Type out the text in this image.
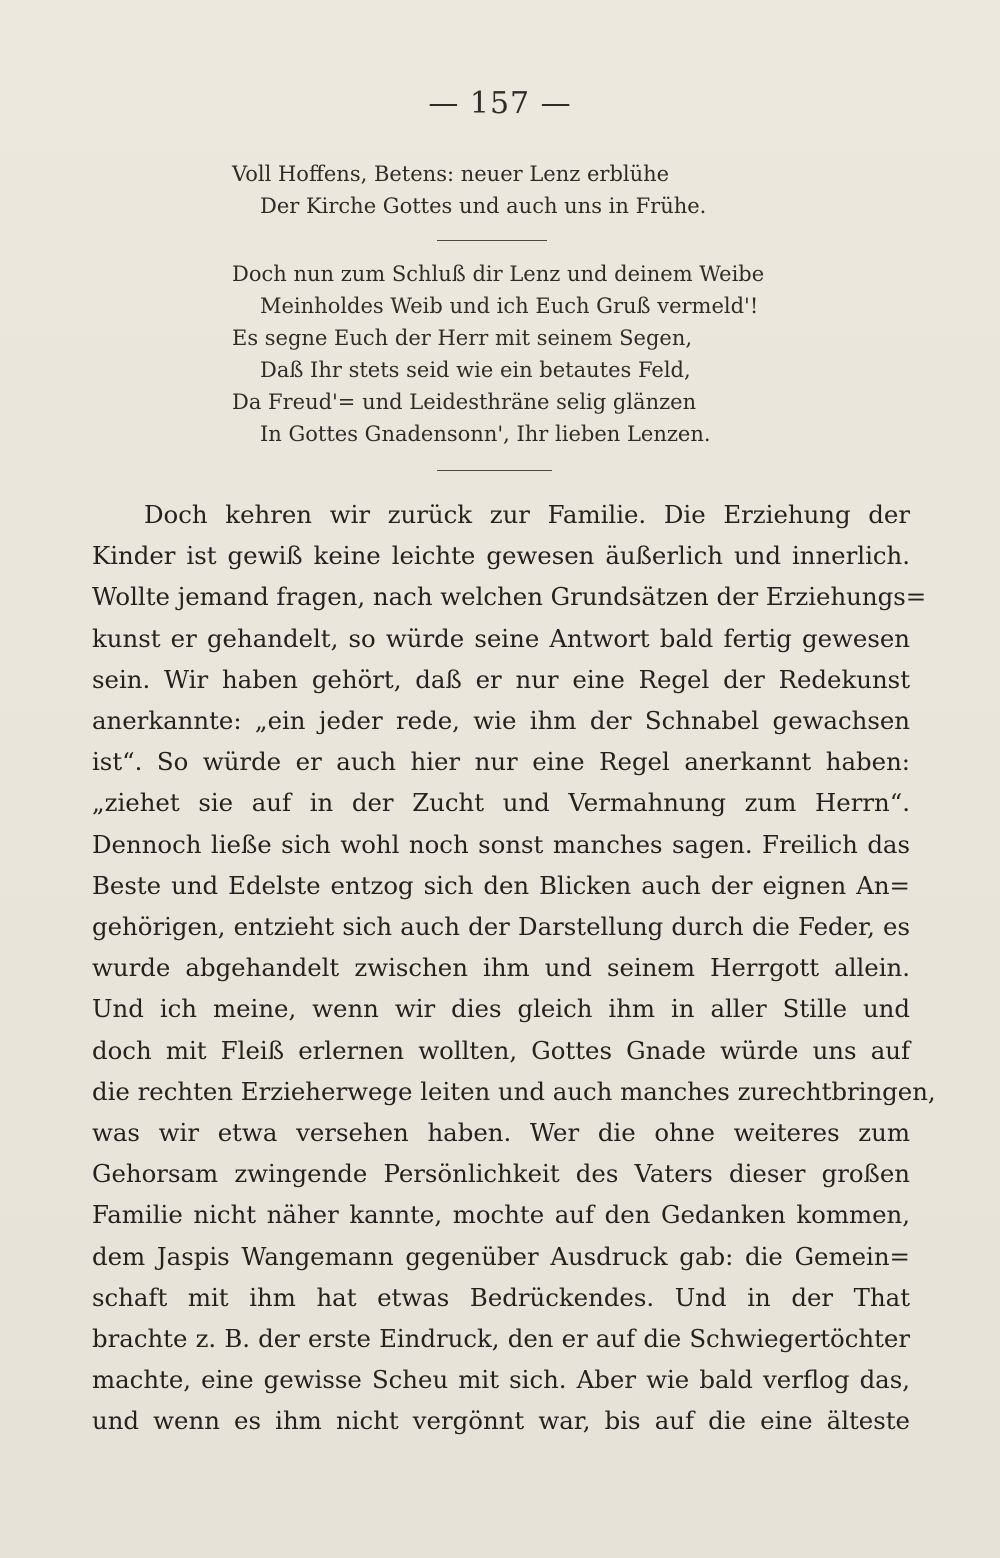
— 157 —
Voll Hoffens, Betens: neuer Lenz erblühe
Der Kirche Gottes und auch uns in Frühe.
Doch nun zum Schluß dir Lenz und deinem Weibe
Meinholdes Weib und ich Euch Gruß vermeld'!
Es segne Euch der Herr mit seinem Segen,
Daß Ihr stets seid wie ein betautes Feld,
Da Freud'= und Leidesthräne selig glänzen
In Gottes Gnadensonn', Ihr lieben Lenzen.
Doch kehren wir zurück zur Familie. Die Erziehung der
Kinder ist gewiß keine leichte gewesen äußerlich und innerlich.
Wollte jemand fragen, nach welchen Grundsätzen der Erziehungs=
kunst er gehandelt, so würde seine Antwort bald fertig gewesen
sein. Wir haben gehört, daß er nur eine Regel der Redekunst
anerkannte: „ein jeder rede, wie ihm der Schnabel gewachsen
ist“. So würde er auch hier nur eine Regel anerkannt haben:
„ziehet sie auf in der Zucht und Vermahnung zum Herrn“.
Dennoch ließe sich wohl noch sonst manches sagen. Freilich das
Beste und Edelste entzog sich den Blicken auch der eignen An=
gehörigen, entzieht sich auch der Darstellung durch die Feder, es
wurde abgehandelt zwischen ihm und seinem Herrgott allein.
Und ich meine, wenn wir dies gleich ihm in aller Stille und
doch mit Fleiß erlernen wollten, Gottes Gnade würde uns auf
die rechten Erzieherwege leiten und auch manches zurechtbringen,
was wir etwa versehen haben. Wer die ohne weiteres zum
Gehorsam zwingende Persönlichkeit des Vaters dieser großen
Familie nicht näher kannte, mochte auf den Gedanken kommen,
dem Jaspis Wangemann gegenüber Ausdruck gab: die Gemein=
schaft mit ihm hat etwas Bedrückendes. Und in der That
brachte z. B. der erste Eindruck, den er auf die Schwiegertöchter
machte, eine gewisse Scheu mit sich. Aber wie bald verflog das,
und wenn es ihm nicht vergönnt war, bis auf die eine älteste
